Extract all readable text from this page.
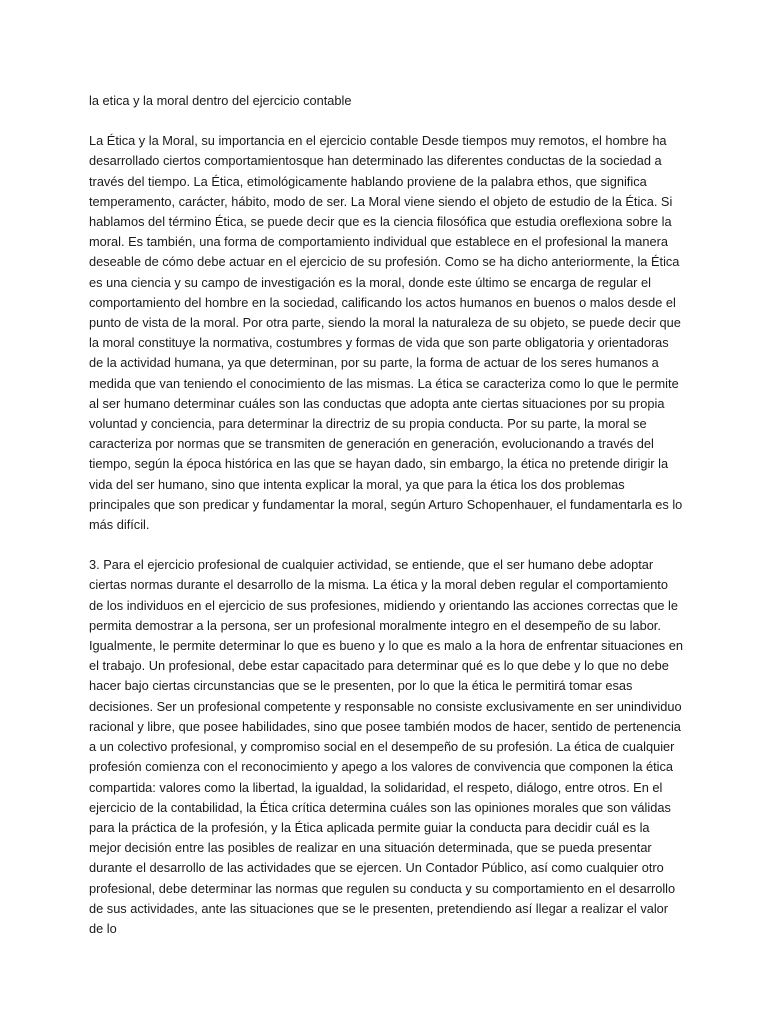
la etica y la moral dentro del ejercicio contable

La Ética y la Moral, su importancia en el ejercicio contable Desde tiempos muy remotos, el hombre ha desarrollado ciertos comportamientosque han determinado las diferentes conductas de la sociedad a través del tiempo. La Ética, etimológicamente hablando proviene de la palabra ethos, que significa temperamento, carácter, hábito, modo de ser. La Moral viene siendo el objeto de estudio de la Ética. Si hablamos del término Ética, se puede decir que es la ciencia filosófica que estudia oreflexiona sobre la moral. Es también, una forma de comportamiento individual que establece en el profesional la manera deseable de cómo debe actuar en el ejercicio de su profesión. Como se ha dicho anteriormente, la Ética es una ciencia y su campo de investigación es la moral, donde este último se encarga de regular el comportamiento del hombre en la sociedad, calificando los actos humanos en buenos o malos desde el punto de vista de la moral. Por otra parte, siendo la moral la naturaleza de su objeto, se puede decir que la moral constituye la normativa, costumbres y formas de vida que son parte obligatoria y orientadoras de la actividad humana, ya que determinan, por su parte, la forma de actuar de los seres humanos a medida que van teniendo el conocimiento de las mismas. La ética se caracteriza como lo que le permite al ser humano determinar cuáles son las conductas que adopta ante ciertas situaciones por su propia voluntad y conciencia, para determinar la directriz de su propia conducta. Por su parte, la moral se caracteriza por normas que se transmiten de generación en generación, evolucionando a través del tiempo, según la época histórica en las que se hayan dado, sin embargo, la ética no pretende dirigir la vida del ser humano, sino que intenta explicar la moral, ya que para la ética los dos problemas principales que son predicar y fundamentar la moral, según Arturo Schopenhauer, el fundamentarla es lo más difícil.

3. Para el ejercicio profesional de cualquier actividad, se entiende, que el ser humano debe adoptar ciertas normas durante el desarrollo de la misma. La ética y la moral deben regular el comportamiento de los individuos en el ejercicio de sus profesiones, midiendo y orientando las acciones correctas que le permita demostrar a la persona, ser un profesional moralmente integro en el desempeño de su labor. Igualmente, le permite determinar lo que es bueno y lo que es malo a la hora de enfrentar situaciones en el trabajo. Un profesional, debe estar capacitado para determinar qué es lo que debe y lo que no debe hacer bajo ciertas circunstancias que se le presenten, por lo que la ética le permitirá tomar esas decisiones. Ser un profesional competente y responsable no consiste exclusivamente en ser unindividuo racional y libre, que posee habilidades, sino que posee también modos de hacer, sentido de pertenencia a un colectivo profesional, y compromiso social en el desempeño de su profesión. La ética de cualquier profesión comienza con el reconocimiento y apego a los valores de convivencia que componen la ética compartida: valores como la libertad, la igualdad, la solidaridad, el respeto, diálogo, entre otros. En el ejercicio de la contabilidad, la Ética crítica determina cuáles son las opiniones morales que son válidas para la práctica de la profesión, y la Ética aplicada permite guiar la conducta para decidir cuál es la mejor decisión entre las posibles de realizar en una situación determinada, que se pueda presentar durante el desarrollo de las actividades que se ejercen. Un Contador Público, así como cualquier otro profesional, debe determinar las normas que regulen su conducta y su comportamiento en el desarrollo de sus actividades, ante las situaciones que se le presenten, pretendiendo así llegar a realizar el valor de lo
